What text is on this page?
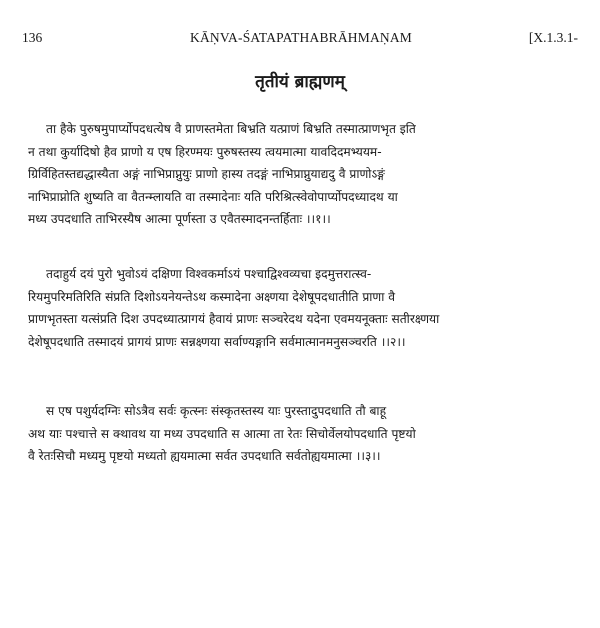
136	KĀṆVA-ŚATAPATHABRĀHMAṆAM	[X.1.3.1-
तृतीयं ब्राह्मणम्
ता हैके पुरुषमुपार्प्योपदधत्येष वै प्राणस्तमेता बिभ्रति यत्प्राणं बिभ्रति तस्मात्प्राणभृत इति
न तथा कुर्यादिषो हैव प्राणो य एष हिरण्मयः पुरुषस्तस्य त्वयमात्मा यावदिदमभ्ययम-
ग्रिर्विहितस्तद्यद्धास्यैता अङ्गं नाभिप्राप्नुयुः प्राणो हास्य तदङ्गं नाभिप्राप्नुयाद्यदु वै प्राणोऽङ्गं
नाभिप्राप्नोति शुष्यति वा वैतन्म्लायति वा तस्मादेनाः यति परिश्रित्स्वेवोपार्प्योपदध्यादथ या
मध्य उपदधाति ताभिरस्यैष आत्मा पूर्णस्ता उ एवैतस्मादनन्तर्हिताः ।।१।।
तदाहुर्य दयं पुरो भुवोऽयं दक्षिणा विश्वकर्माऽयं पश्चाद्विश्वव्यचा इदमुत्तरात्स्व-
रियमुपरिमतिरिति संप्रति दिशोऽयनेयन्तेऽथ कस्मादेना अक्ष्णया देशेषूपदधातीति प्राणा वै
प्राणभृतस्ता यत्संप्रति दिश उपदध्यात्प्रागयं हैवायं प्राणः सञ्चरेदथ यदेना एवमयनूक्ताः सतीरक्ष्णया
देशेषूपदधाति तस्मादयं प्रागयं प्राणः सन्नक्ष्णया सर्वाण्यङ्गानि सर्वमात्मानमनुसञ्चरति ।।२।।
स एष पशुर्यदग्निः सोऽत्रैव सर्वः कृत्स्नः संस्कृतस्तस्य याः पुरस्तादुपदधाति तौ बाहू
अथ याः पश्चात्ते स क्थावथ या मध्य उपदधाति स आत्मा ता रेतः सिचोर्वेलयोपदधाति पृष्टयो
वै रेतःसिचौ मध्यमु पृष्टयो मध्यतो ह्ययमात्मा सर्वत उपदधाति सर्वतोह्ययमात्मा ।।३।।
